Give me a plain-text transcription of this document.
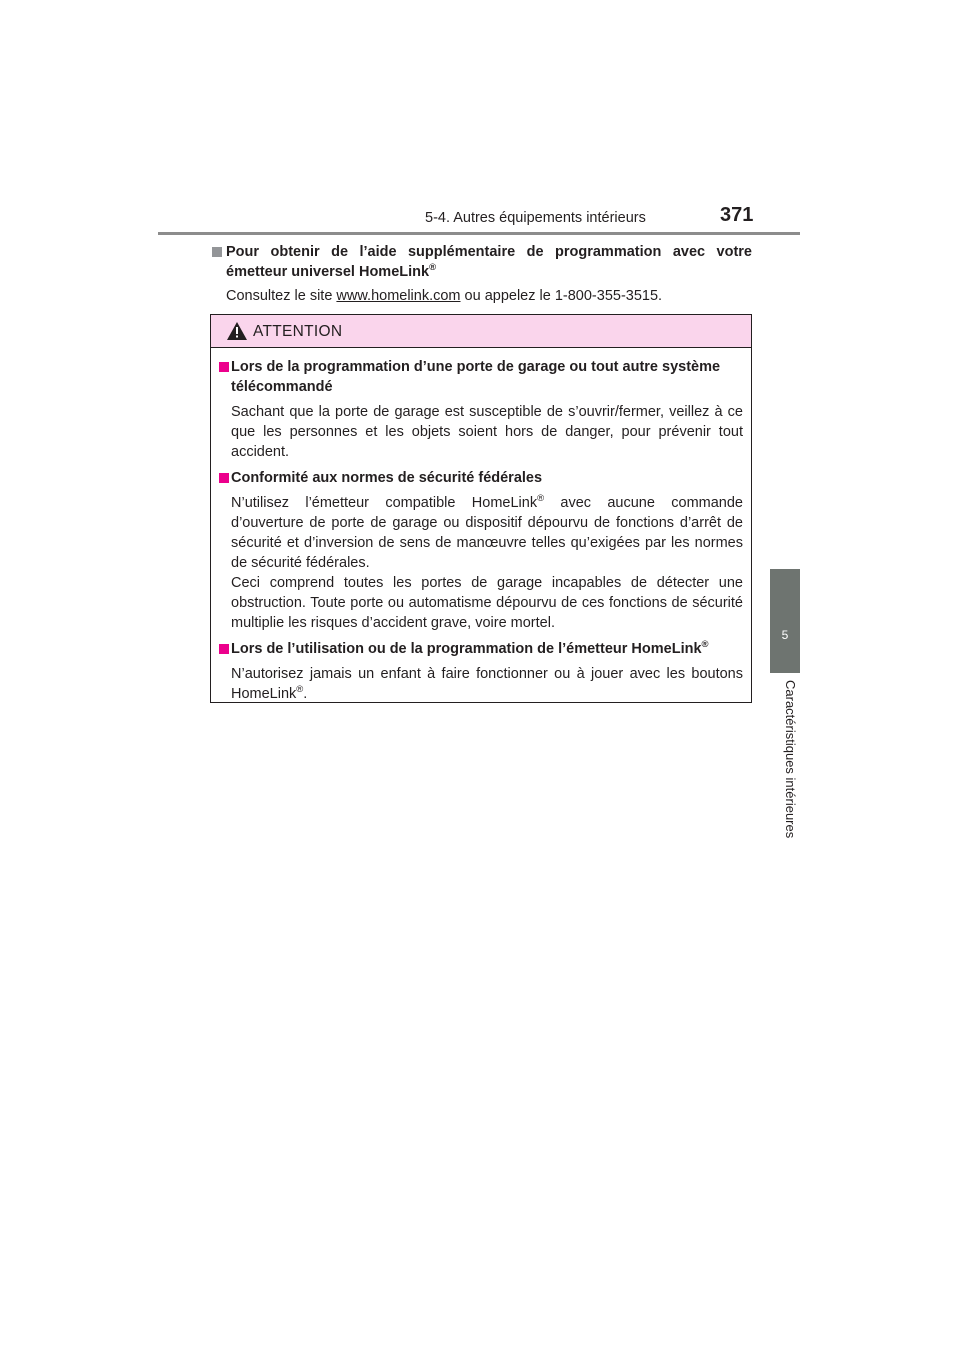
5-4. Autres équipements intérieurs	371
5
Caractéristiques intérieures
Pour obtenir de l’aide supplémentaire de programmation avec votre émetteur universel HomeLink®
Consultez le site www.homelink.com ou appelez le 1-800-355-3515.
ATTENTION
Lors de la programmation d’une porte de garage ou tout autre système télécommandé
Sachant que la porte de garage est susceptible de s’ouvrir/fermer, veillez à ce que les personnes et les objets soient hors de danger, pour prévenir tout accident.
Conformité aux normes de sécurité fédérales
N’utilisez l’émetteur compatible HomeLink® avec aucune commande d’ouverture de porte de garage ou dispositif dépourvu de fonctions d’arrêt de sécurité et d’inversion de sens de manœuvre telles qu’exigées par les normes de sécurité fédérales.
Ceci comprend toutes les portes de garage incapables de détecter une obstruction. Toute porte ou automatisme dépourvu de ces fonctions de sécurité multiplie les risques d’accident grave, voire mortel.
Lors de l’utilisation ou de la programmation de l’émetteur HomeLink®
N’autorisez jamais un enfant à faire fonctionner ou à jouer avec les boutons HomeLink®.
